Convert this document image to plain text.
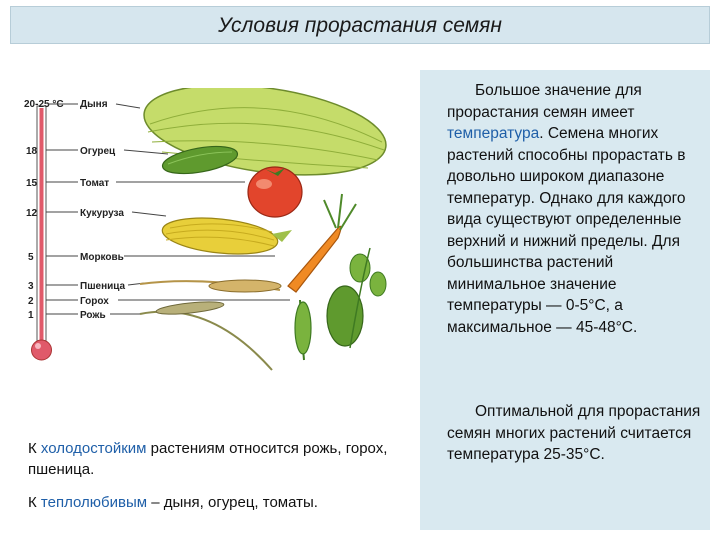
Условия прорастания семян
20-25 °C Дыня
18	Огурец
15	Томат
12	Кукуруза
5	Морковь
3	Пшеница
2	Горох
1	Рожь
Большое значение для прорастания семян имеет температура. Семена многих растений способны прорастать в довольно широком диапазоне температур. Однако для каждого вида существуют определенные верхний и нижний пределы. Для большинства растений минимальное значение температуры — 0-5°С, а максимальное — 45-48°С.
Оптимальной для прорастания семян многих растений считается температура 25-35°С.
К холодостойким растениям относится рожь, горох, пшеница.
К теплолюбивым – дыня, огурец, томаты.
